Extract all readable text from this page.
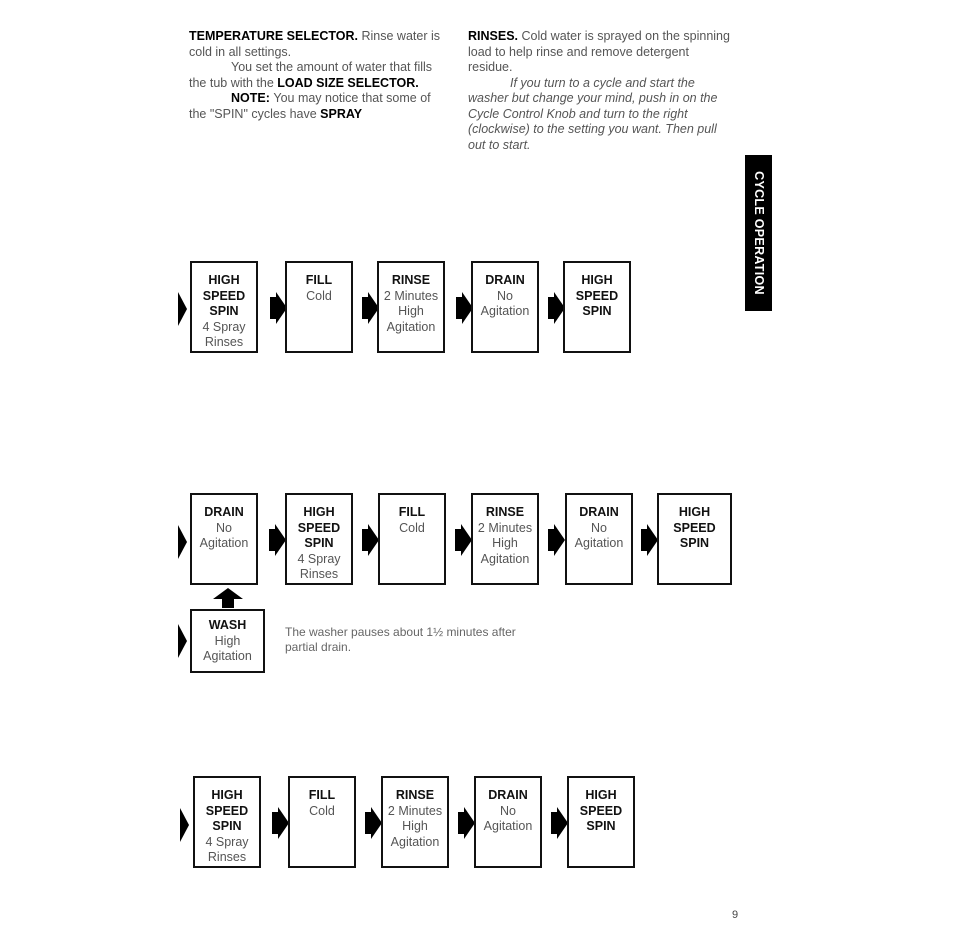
TEMPERATURE SELECTOR. Rinse water is cold in all settings.

You set the amount of water that fills the tub with the LOAD SIZE SELECTOR.

NOTE: You may notice that some of the "SPIN" cycles have SPRAY

RINSES. Cold water is sprayed on the spinning load to help rinse and remove detergent residue.

If you turn to a cycle and start the washer but change your mind, push in on the Cycle Control Knob and turn to the right (clockwise) to the setting you want. Then pull out to start.

CYCLE OPERATION
HIGH SPEED SPIN
4 Spray Rinses
FILL
Cold
RINSE
2 Minutes High Agitation
DRAIN
No Agitation
HIGH SPEED SPIN
DRAIN
No Agitation
HIGH SPEED SPIN
4 Spray Rinses
FILL
Cold
RINSE
2 Minutes High Agitation
DRAIN
No Agitation
HIGH SPEED SPIN
WASH
High Agitation
The washer pauses about 1½ minutes after partial drain.
HIGH SPEED SPIN
4 Spray Rinses
FILL
Cold
RINSE
2 Minutes High Agitation
DRAIN
No Agitation
HIGH SPEED SPIN
9
